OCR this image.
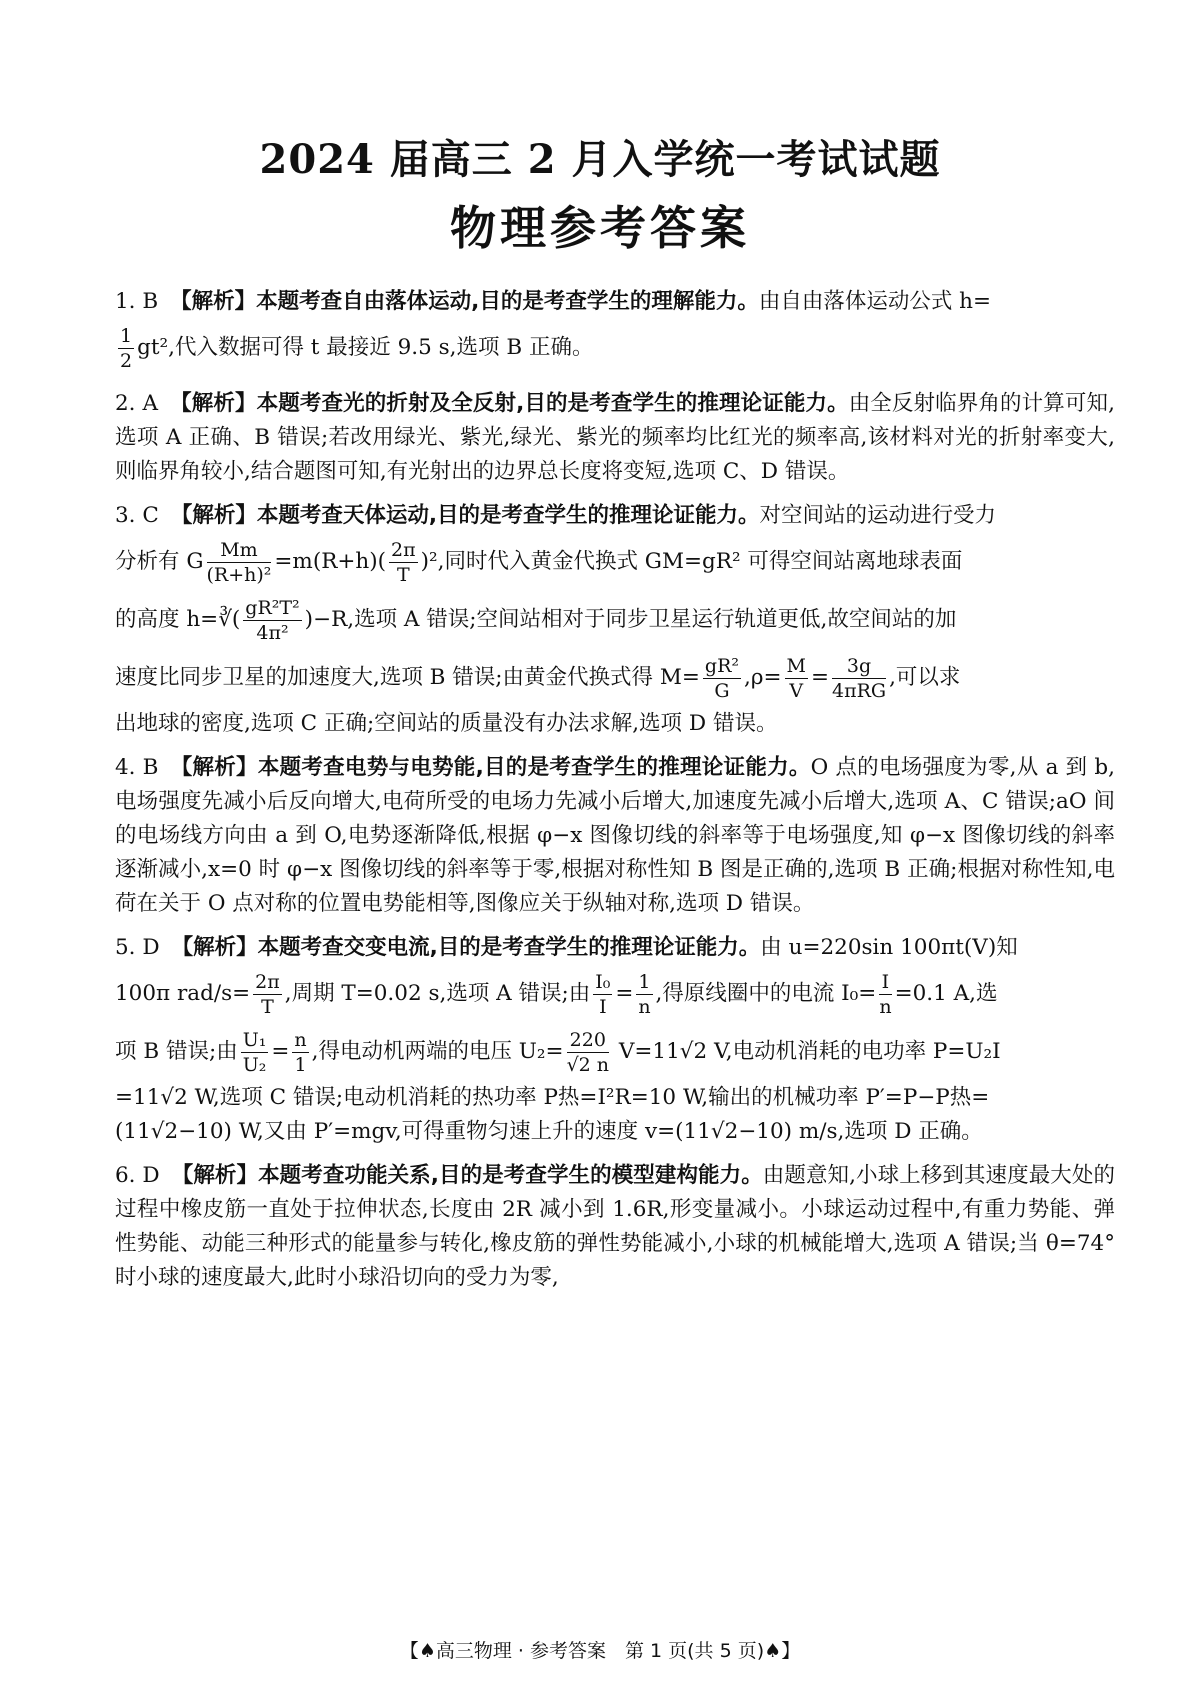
2024 届高三 2 月入学统一考试试题
物理参考答案
1. B 【解析】本题考查自由落体运动,目的是考查学生的理解能力。由自由落体运动公式 h=
$\frac{1}{2} gt^2$,代入数据可得 t 最接近 9.5 s,选项 B 正确。
2. A 【解析】本题考查光的折射及全反射,目的是考查学生的推理论证能力。由全反射临界角的计算可知,选项 A 正确、B 错误;若改用绿光、紫光,绿光、紫光的频率均比红光的频率高,该材料对光的折射率变大,则临界角较小,结合题图可知,有光射出的边界总长度将变短,选项 C、D 错误。
3. C 【解析】本题考查天体运动,目的是考查学生的推理论证能力。对空间站的运动进行受力
分析有 G $\frac{Mm}{\text{(R+h)²}} =m(R+h)( \frac{2\pi}{T} )^2$,同时代入黄金代换式 GM=gR² 可得空间站离地球表面
的高度 h=∛( $\frac{\text{gR²T²}}{\text{4π²}} )-R$,选项 A 错误;空间站相对于同步卫星运行轨道更低,故空间站的加
速度比同步卫星的加速度大,选项 B 错误;由黄金代换式得 $M= \frac{\text{gR²}}{G} ,\rho= \frac{M}{V} = \frac{3g}{\text{4πRG}}$ ,可以求
出地球的密度,选项 C 正确;空间站的质量没有办法求解,选项 D 错误。
4. B 【解析】本题考查电势与电势能,目的是考查学生的推理论证能力。O 点的电场强度为零,从 a 到 b,电场强度先减小后反向增大,电荷所受的电场力先减小后增大,加速度先减小后增大,选项 A、C 错误;aO 间的电场线方向由 a 到 O,电势逐渐降低,根据 φ−x 图像切线的斜率等于电场强度,知 φ−x 图像切线的斜率逐渐减小,x=0 时 φ−x 图像切线的斜率等于零,根据对称性知 B 图是正确的,选项 B 正确;根据对称性知,电荷在关于 O 点对称的位置电势能相等,图像应关于纵轴对称,选项 D 错误。
5. D 【解析】本题考查交变电流,目的是考查学生的推理论证能力。由 u=220sin 100πt(V)知
100π $rad/s= \frac{2\pi}{T}$ ,周期 T=0.02 s,选项 A 错误;由 $\frac{\text{I₀}}{I} = \frac{1}{n}$ ,得原线圈中的电流 $I_0= \frac{I}{n} =0.1$ A,选
项 B 错误;由 $\frac{\text{U₁}}{\text{U₂}} = \frac{n}{1}$ ,得电动机两端的电压 $U_2= \frac{220}{√2 n} V=11√2$ V,电动机消耗的电功率 P=U₂I
=11√2 W,选项 C 错误;电动机消耗的热功率 P热=I²R=10 W,输出的机械功率 P′=P−P热=
(11√2−10) W,又由 P′=mgv,可得重物匀速上升的速度 v=(11√2−10) m/s,选项 D 正确。
6. D 【解析】本题考查功能关系,目的是考查学生的模型建构能力。由题意知,小球上移到其速度最大处的过程中橡皮筋一直处于拉伸状态,长度由 2R 减小到 1.6R,形变量减小。小球运动过程中,有重力势能、弹性势能、动能三种形式的能量参与转化,橡皮筋的弹性势能减小,小球的机械能增大,选项 A 错误;当 θ=74°时小球的速度最大,此时小球沿切向的受力为零,
【♠高三物理 · 参考答案　第 1 页(共 5 页)♠】
